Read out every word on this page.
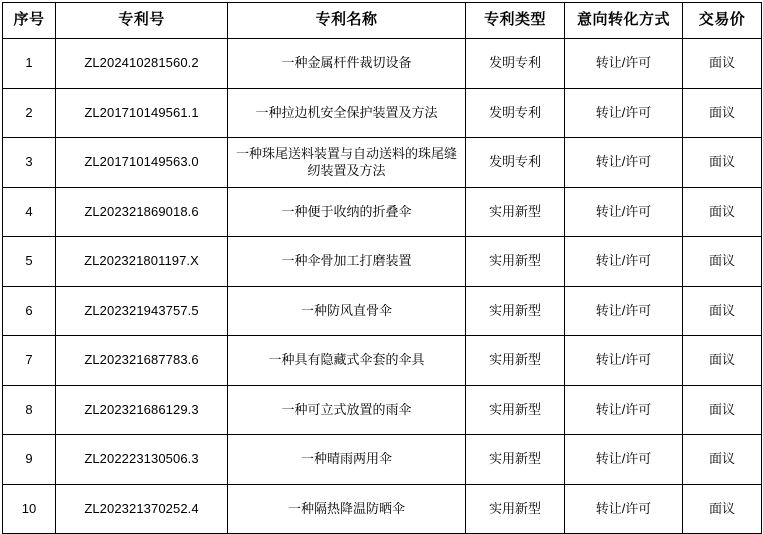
序号	专利号	专利名称	专利类型	意向转化方式	交易价
1	ZL202410281560.2	一种金属杆件裁切设备	发明专利	转让/许可	面议
2	ZL201710149561.1	一种拉边机安全保护装置及方法	发明专利	转让/许可	面议
3	ZL201710149563.0	一种珠尾送料装置与自动送料的珠尾缝纫装置及方法	发明专利	转让/许可	面议
4	ZL202321869018.6	一种便于收纳的折叠伞	实用新型	转让/许可	面议
5	ZL202321801197.X	一种伞骨加工打磨装置	实用新型	转让/许可	面议
6	ZL202321943757.5	一种防风直骨伞	实用新型	转让/许可	面议
7	ZL202321687783.6	一种具有隐藏式伞套的伞具	实用新型	转让/许可	面议
8	ZL202321686129.3	一种可立式放置的雨伞	实用新型	转让/许可	面议
9	ZL202223130506.3	一种晴雨两用伞	实用新型	转让/许可	面议
10	ZL202321370252.4	一种隔热降温防晒伞	实用新型	转让/许可	面议
